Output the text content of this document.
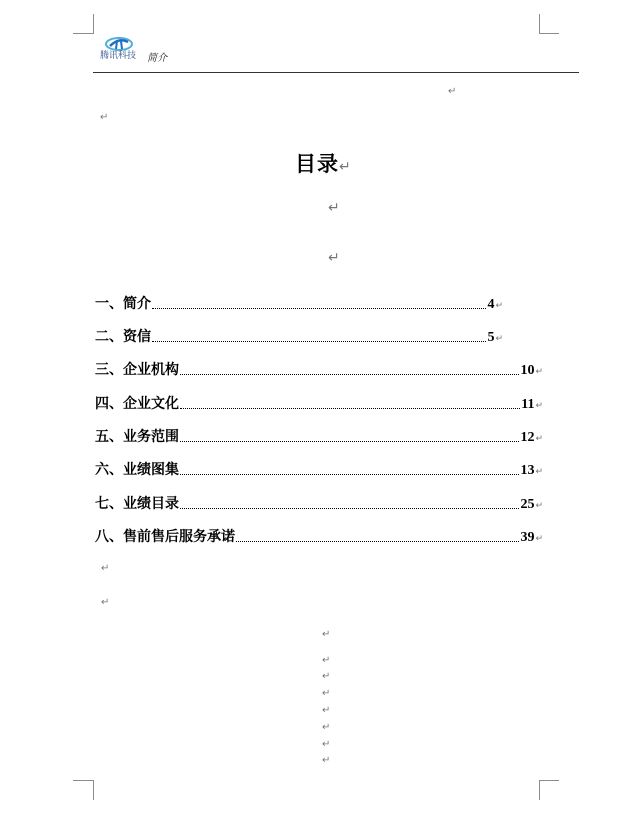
腾讯科技 简介
↵
↵
目录↵
↵
↵
一、简介	4 ↵
二、资信	5 ↵
三、企业机构	10 ↵
四、企业文化	11 ↵
五、业务范围	12 ↵
六、业绩图集	13 ↵
七、业绩目录	25 ↵
八、售前售后服务承诺	39 ↵
↵
↵
↵
↵
↵
↵
↵
↵
↵
↵
